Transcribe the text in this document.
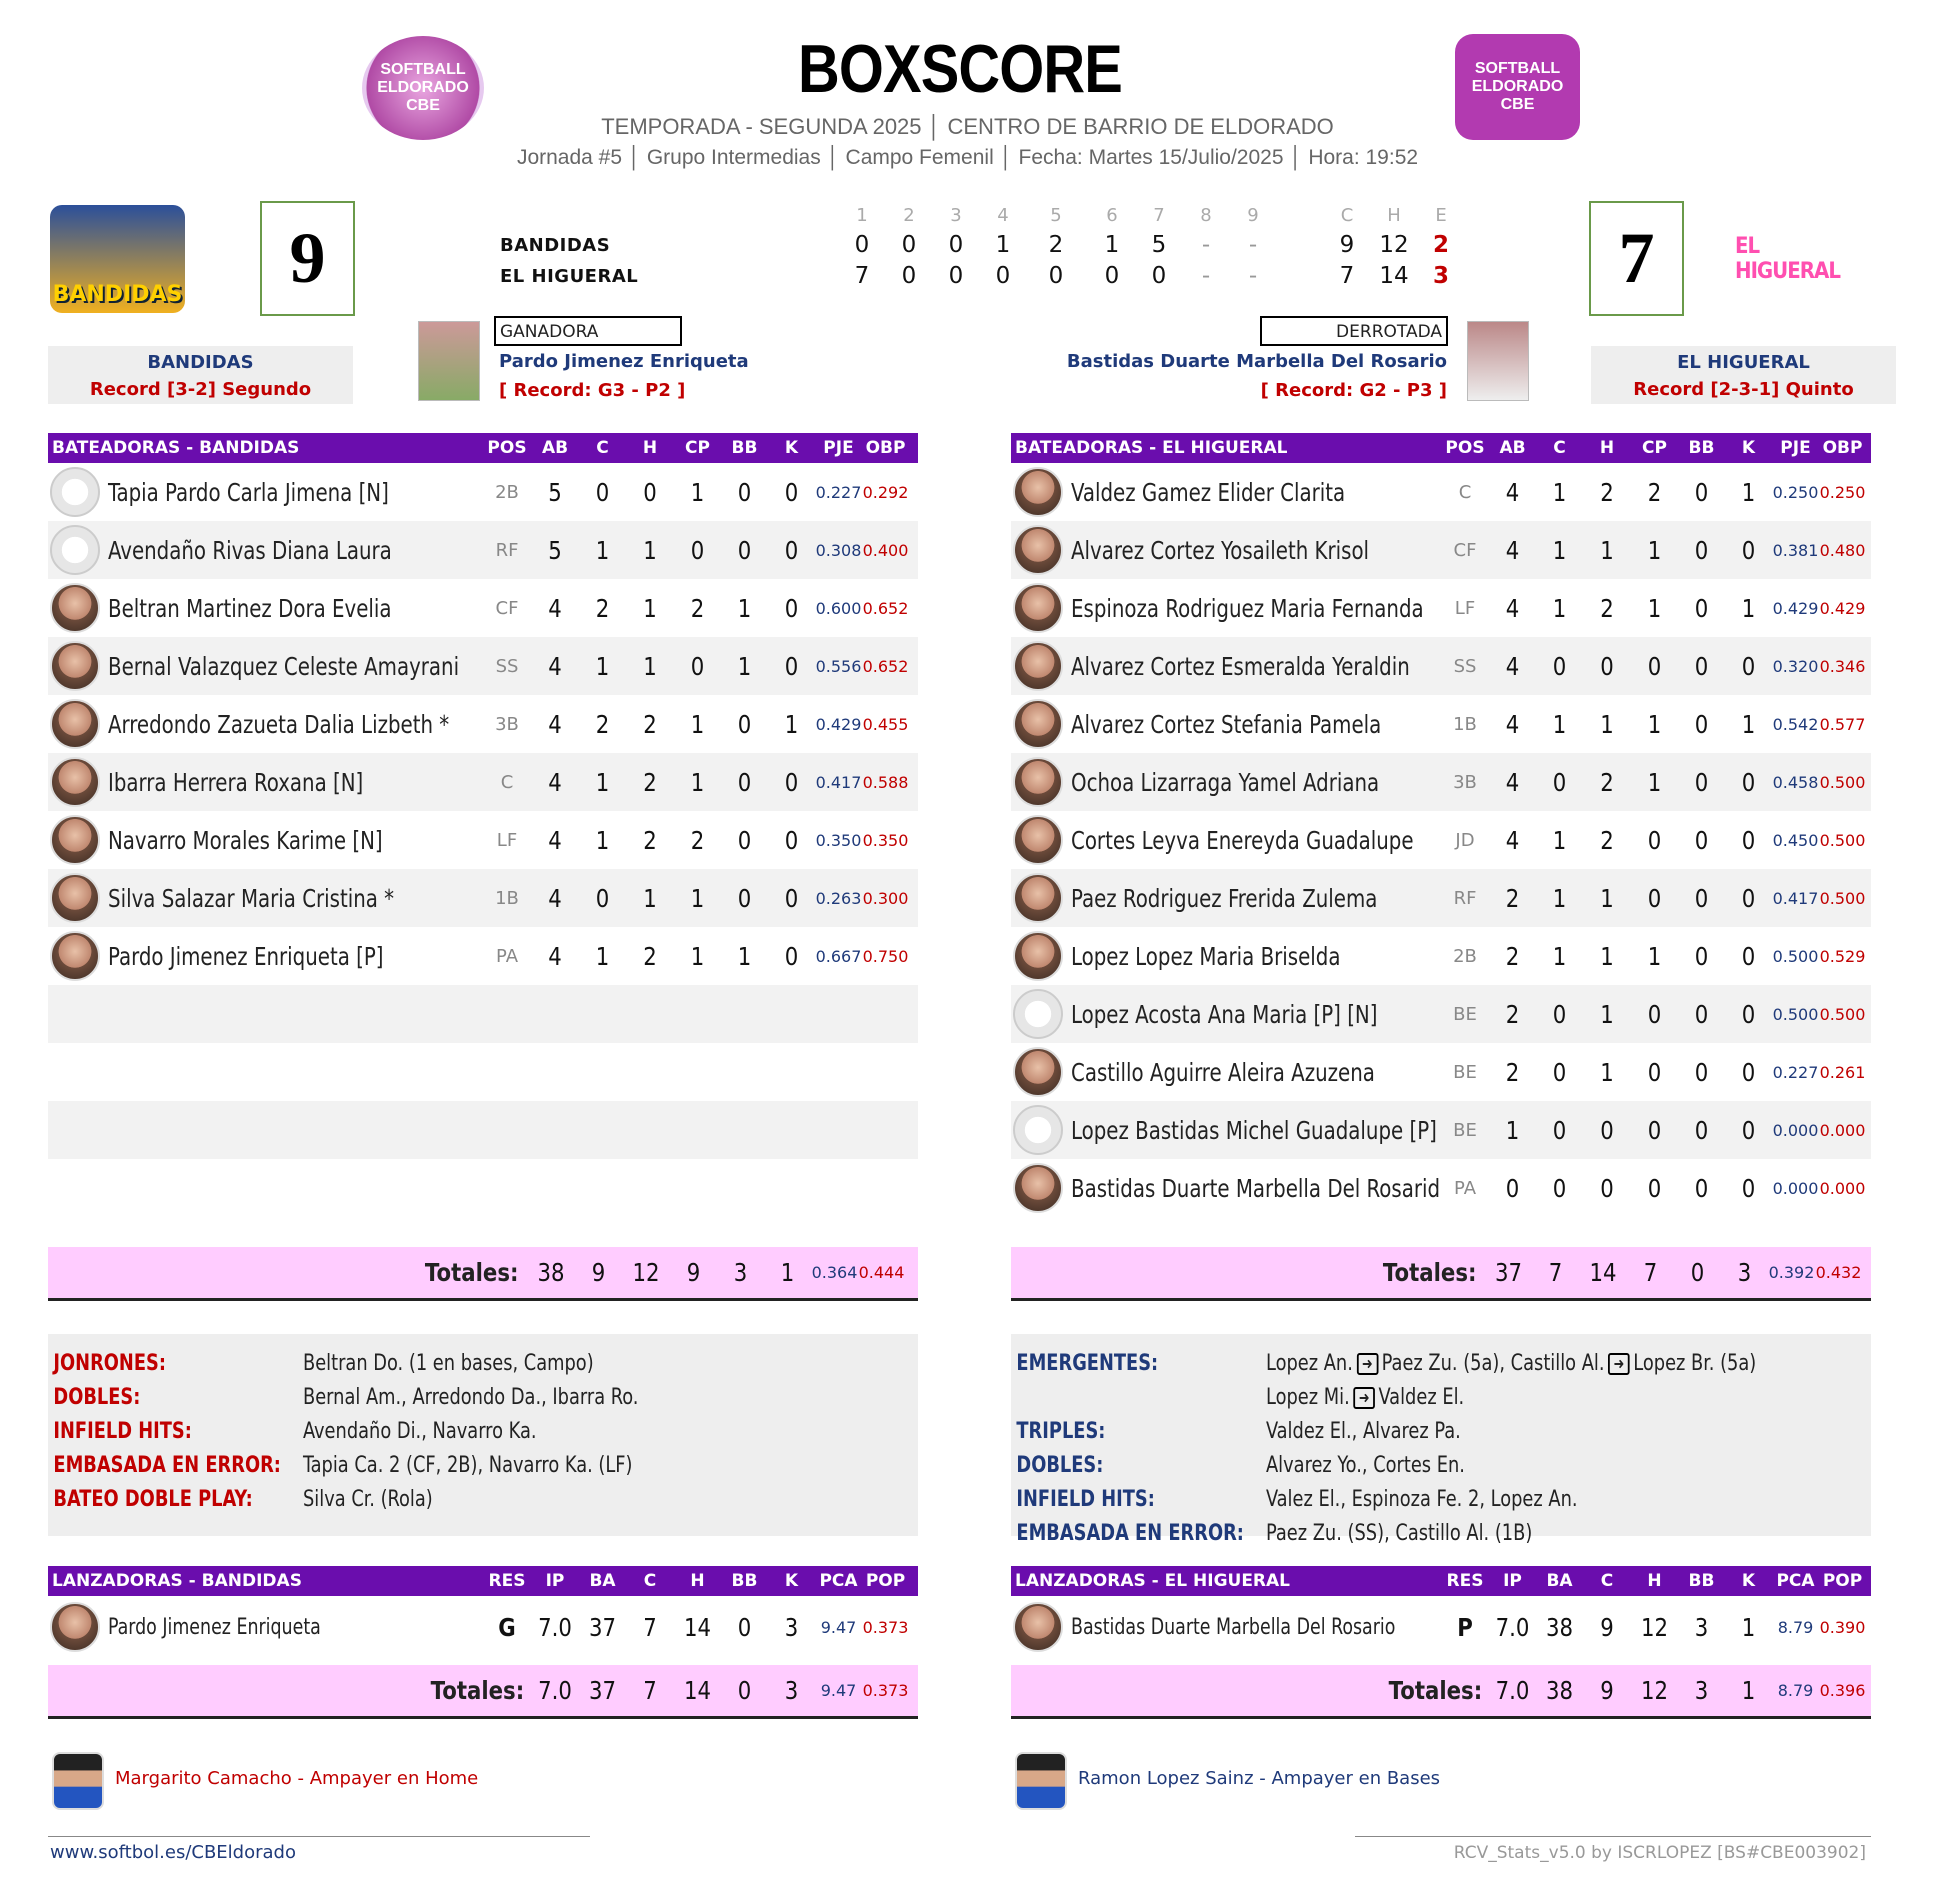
SOFTBALL ELDORADO CBE	BOXSCORE	SOFTBALL ELDORADO CBE
TEMPORADA - SEGUNDA 2025 │ CENTRO DE BARRIO DE ELDORADO
Jornada #5 │ Grupo Intermedias │ Campo Femenil │ Fecha: Martes 15/Julio/2025 │ Hora: 19:52
BANDIDAS	9	7	EL HIGUERAL
1	2	3	4	5	6	7	8	9	C	H	E
BANDIDAS	0	0	0	1	2	1	5	-	-	9	12	2
EL HIGUERAL	7	0	0	0	0	0	0	-	-	7	14	3
BANDIDAS
Record [3-2] Segundo
EL HIGUERAL
Record [2-3-1] Quinto
GANADORA
Pardo Jimenez Enriqueta
[ Record: G3 - P2 ]
DERROTADA
Bastidas Duarte Marbella Del Rosario
[ Record: G2 - P3 ]
BATEADORAS - BANDIDAS	POS AB	C	H	CP	BB	K	PJE OBP
Tapia Pardo Carla Jimena [N]	2B	5	0	0	1	0	0	0.227 0.292
Avendaño Rivas Diana Laura	RF	5	1	1	0	0	0	0.308 0.400
Beltran Martinez Dora Evelia	CF	4	2	1	2	1	0	0.600 0.652
Bernal Valazquez Celeste Amayrani	SS	4	1	1	0	1	0	0.556 0.652
Arredondo Zazueta Dalia Lizbeth *	3B	4	2	2	1	0	1	0.429 0.455
Ibarra Herrera Roxana [N]	C	4	1	2	1	0	0	0.417 0.588
Navarro Morales Karime [N]	LF	4	1	2	2	0	0	0.350 0.350
Silva Salazar Maria Cristina *	1B	4	0	1	1	0	0	0.263 0.300
Pardo Jimenez Enriqueta [P]	PA	4	1	2	1	1	0	0.667 0.750
Totales: 38	9	12	9	3	1	0.364 0.444
BATEADORAS - EL HIGUERAL	POS AB	C	H	CP	BB	K	PJE OBP
Valdez Gamez Elider Clarita	C	4	1	2	2	0	1	0.250 0.250
Alvarez Cortez Yosaileth Krisol	CF	4	1	1	1	0	0	0.381 0.480
Espinoza Rodriguez Maria Fernanda	LF	4	1	2	1	0	1	0.429 0.429
Alvarez Cortez Esmeralda Yeraldin	SS	4	0	0	0	0	0	0.320 0.346
Alvarez Cortez Stefania Pamela	1B	4	1	1	1	0	1	0.542 0.577
Ochoa Lizarraga Yamel Adriana	3B	4	0	2	1	0	0	0.458 0.500
Cortes Leyva Enereyda Guadalupe	JD	4	1	2	0	0	0	0.450 0.500
Paez Rodriguez Frerida Zulema	RF	2	1	1	0	0	0	0.417 0.500
Lopez Lopez Maria Briselda	2B	2	1	1	1	0	0	0.500 0.529
Lopez Acosta Ana Maria [P] [N]	BE	2	0	1	0	0	0	0.500 0.500
Castillo Aguirre Aleira Azuzena	BE	2	0	1	0	0	0	0.227 0.261
Lopez Bastidas Michel Guadalupe [P] BE	1	0	0	0	0	0	0.000 0.000
Bastidas Duarte Marbella Del Rosarid PA	0	0	0	0	0	0	0.000 0.000
Totales: 37	7	14	7	0	3	0.392 0.432
JONRONES:	Beltran Do. (1 en bases, Campo)
DOBLES:	Bernal Am., Arredondo Da., Ibarra Ro.
INFIELD HITS:	Avendaño Di., Navarro Ka.
EMBASADA EN ERROR: Tapia Ca. 2 (CF, 2B), Navarro Ka. (LF)
BATEO DOBLE PLAY:	Silva Cr. (Rola)
EMERGENTES:	Lopez An. ➜ Paez Zu. (5a), Castillo Al. ➜ Lopez Br. (5a)
Lopez Mi. ➜ Valdez El.
TRIPLES:	Valdez El., Alvarez Pa.
DOBLES:	Alvarez Yo., Cortes En.
INFIELD HITS:	Valez El., Espinoza Fe. 2, Lopez An.
EMBASADA EN ERROR: Paez Zu. (SS), Castillo Al. (1B)
LANZADORAS - BANDIDAS	RES	IP	BA	C	H	BB	K	PCA POP
Pardo Jimenez Enriqueta	G 7.0 37	7	14	0	3	9.47 0.373
Totales: 7.0 37	7	14	0	3	9.47 0.373
LANZADORAS - EL HIGUERAL	RES	IP	BA	C	H	BB	K	PCA POP
Bastidas Duarte Marbella Del Rosario	P 7.0 38	9	12	3	1	8.79 0.390
Totales: 7.0 38	9	12	3	1	8.79 0.396
Margarito Camacho - Ampayer en Home	Ramon Lopez Sainz - Ampayer en Bases
www.softbol.es/CBEldorado	RCV_Stats_v5.0 by ISCRLOPEZ [BS#CBE003902]
